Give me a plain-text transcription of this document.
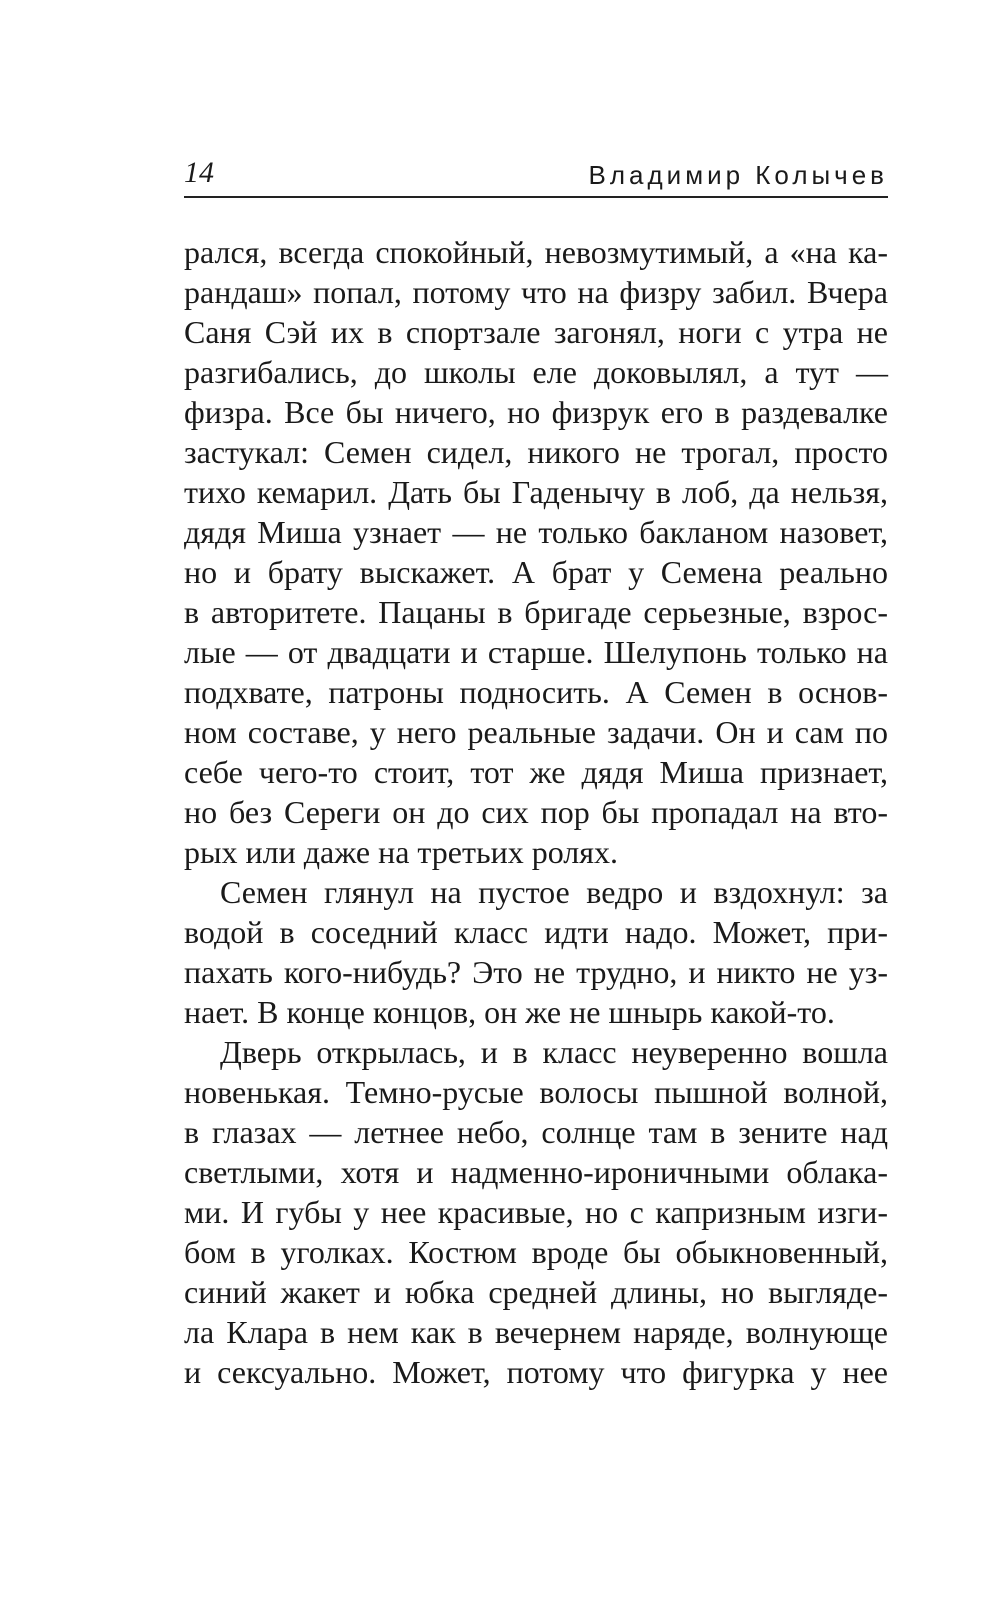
14	Владимир Колычев
рался, всегда спокойный, невозмутимый, а «на ка-
рандаш» попал, потому что на физру забил. Вчера
Саня Сэй их в спортзале загонял, ноги с утра не
разгибались, до школы еле доковылял, а тут —
физра. Все бы ничего, но физрук его в раздевалке
застукал: Семен сидел, никого не трогал, просто
тихо кемарил. Дать бы Гаденычу в лоб, да нельзя,
дядя Миша узнает — не только бакланом назовет,
но и брату выскажет. А брат у Семена реально
в авторитете. Пацаны в бригаде серьезные, взрос-
лые — от двадцати и старше. Шелупонь только на
подхвате, патроны подносить. А Семен в основ-
ном составе, у него реальные задачи. Он и сам по
себе чего-то стоит, тот же дядя Миша признает,
но без Сереги он до сих пор бы пропадал на вто-
рых или даже на третьих ролях.
Семен глянул на пустое ведро и вздохнул: за
водой в соседний класс идти надо. Может, при-
пахать кого-нибудь? Это не трудно, и никто не уз-
нает. В конце концов, он же не шнырь какой-то.
Дверь открылась, и в класс неуверенно вошла
новенькая. Темно-русые волосы пышной волной,
в глазах — летнее небо, солнце там в зените над
светлыми, хотя и надменно-ироничными облака-
ми. И губы у нее красивые, но с капризным изги-
бом в уголках. Костюм вроде бы обыкновенный,
синий жакет и юбка средней длины, но выгляде-
ла Клара в нем как в вечернем наряде, волнующе
и сексуально. Может, потому что фигурка у нее
